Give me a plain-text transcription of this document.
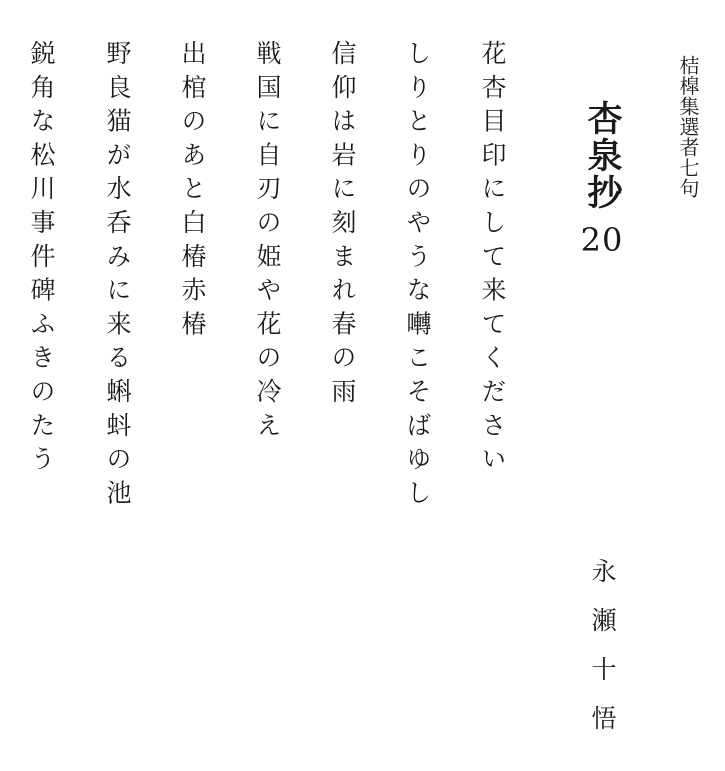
桔槹集選者七句
杏泉抄
20
永瀬十悟
花杏目印にして来てください
しりとりのやうな囀こそばゆし
信仰は岩に刻まれ春の雨
戦国に自刃の姫や花の冷え
出棺のあと白椿赤椿
野良猫が水呑みに来る蝌蚪の池
鋭角な松川事件碑ふきのたう
